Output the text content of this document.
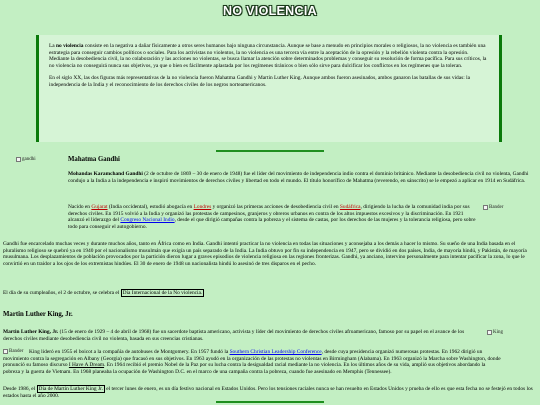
NO VIOLENCIA

La no violencia consiste en la negativa a dañar físicamente a otros seres humanos bajo ninguna circunstancia. Aunque se base a menudo en principios morales o religiosos, la no violencia es también una estrategia para conseguir cambios políticos o sociales. Para los activistas no violentos, la no violencia es una tercera vía entre la aceptación de la opresión y la rebelión violenta contra la opresión. Mediante la desobediencia civil, la no colaboración y las acciones no violentas, se busca llamar la atención sobre determinados problemas y conseguir su resolución de forma pacífica. Para sus críticos, la no violencia no conseguirá nunca sus objetivos, ya que o bien es fácilmente aplastada por los regímenes tiránicos o bien sólo sirve para dulcificar los conflictos en los regímenes que la toleran.

En el siglo XX, las dos figuras más representativas de la no violencia fueron Mahatma Gandhi y Martin Luther King. Aunque ambos fueron asesinados, ambos ganaron las batallas de sus vidas: la independencia de la India y el reconocimiento de los derechos civiles de los negros norteamericanos.

gandhi	Mahatma Gandhi

Mohandas Karamchand Gandhi (2 de octubre de 1869 – 30 de enero de 1948) fue el líder del movimiento de independencia indio contra el dominio británico. Mediante la desobediencia civil no violenta, Gandhi condujo a la India a la independencia e inspiró movimientos de derechos civiles y libertad en todo el mundo. El título honorífico de Mahatma (reverendo, en sánscrito) se le empezó a aplicar en 1914 en Sudáfrica.

Nacido en Gujarat (India occidental), estudió abogacía en Londres y organizó las primeras acciones de desobediencia civil en Sudáfrica, dirigiendo la lucha de la comunidad india por sus derechos civiles. En 1915 volvió a la India y organizó las protestas de campesinos, granjeros y obreros urbanos en contra de los altos impuestos excesivos y la discriminación. En 1921 alcanzó el liderazgo del Congreso Nacional Indio, desde el que dirigió campañas contra la pobreza y el sistema de castas, por los derechos de las mujeres y la tolerancia religiosa, pero sobre todo para conseguir el autogobierno.

Bander

Gandhi fue encarcelado muchas veces y durante muchos años, tanto en África como en India. Gandhi intentó practicar la no violencia en todas las situaciones y aconsejaba a los demás a hacer lo mismo. Su sueño de una India basada en el pluralismo religioso se quebró ya en 1940 por el nacionalismo musulmán que exigía un país separado de la India. La India obtuvo por fin su independencia en 1947, pero se dividió en dos países, India, de mayoría hindú, y Pakistán, de mayoría musulmana. Los desplazamientos de población provocados por la partición dieron lugar a graves episodios de violencia religiosa en las regiones fronterizas. Gandhi, ya anciano, intervino personalmente para intentar pacificar la zona, lo que le convirtió en un traidor a los ojos de los extremistas hindúes. El 30 de enero de 1948 un nacionalista hindú lo asesinó de tres disparos en el pecho.

El día de su cumpleaños, el 2 de octubre, se celebra el Día Internacional de la No violencia.

Martin Luther King, Jr.

Martin Luther King, Jr. (15 de enero de 1929 – 4 de abril de 1968) fue un sacerdote baptista americano, activista y líder del movimiento de derechos civiles afroamericano, famoso por su papel en el avance de los derechos civiles mediante desobediencia civil no violenta, basada en sus creencias cristianas.

King
Bander	King lideró en 1955 el boicot a la compañía de autobuses de Montgomery. En 1957 fundó la Southern Christian Leadership Conference, desde cuya presidencia organizó numerosas protestas. En 1962 dirigió un movimiento contra la segregación en Albany (Georgia) que fracasó en sus objetivos. En 1963 ayudó en la organización de las protestas no violentas en Birmingham (Alabama). En 1963 organizó la Marcha sobre Washington, donde pronunció su famoso discurso I Have A Dream. En 1964 recibió el premio Nobel de la Paz por su lucha contra la desigualdad racial mediante la no violencia. En los últimos años de su vida, amplió sus objetivos abordando la pobreza y la guerra de Vietnam. En 1968 planeaba la ocupación de Washington D.C. en el marco de una campaña contra la pobreza, cuando fue asesinado en Memphis (Tennessee).

Desde 1986, el Día de Martin Luther King Jr. el tercer lunes de enero, es un día festivo nacional en Estados Unidos. Pero los tensiones raciales nunca se han resuelto en Estados Unidos y prueba de ello es que esta fecha no se festejó en todos los estados hasta el año 2000.
